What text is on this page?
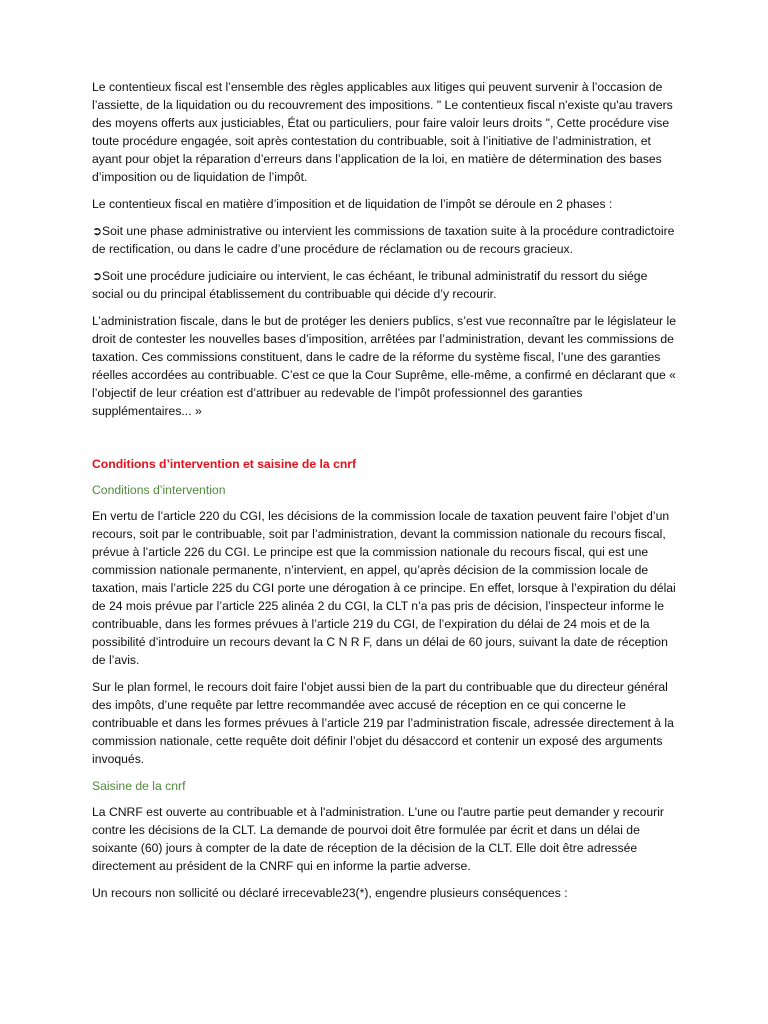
Le contentieux fiscal est l’ensemble des règles applicables aux litiges qui peuvent survenir à l’occasion de l’assiette, de la liquidation ou du recouvrement des impositions. " Le contentieux fiscal n'existe qu'au travers des moyens offerts aux justiciables, État ou particuliers, pour faire valoir leurs droits ", Cette procédure vise toute procédure engagée, soit après contestation du contribuable, soit à l’initiative de l’administration, et ayant pour objet la réparation d’erreurs dans l’application de la loi, en matière de détermination des bases d’imposition ou de liquidation de l’impôt.

Le contentieux fiscal en matière d’imposition et de liquidation de l’impôt se déroule en 2 phases :

➲Soit une phase administrative ou intervient les commissions de taxation suite à la procédure contradictoire de rectification, ou dans le cadre d’une procédure de réclamation ou de recours gracieux.

➲Soit une procédure judiciaire ou intervient, le cas échéant, le tribunal administratif du ressort du siége social ou du principal établissement du contribuable qui décide d’y recourir.

L’administration fiscale, dans le but de protéger les deniers publics, s’est vue reconnaître par le législateur le droit de contester les nouvelles bases d’imposition, arrêtées par l’administration, devant les commissions de taxation. Ces commissions constituent, dans le cadre de la réforme du système fiscal, l’une des garanties réelles accordées au contribuable. C’est ce que la Cour Suprême, elle-même, a confirmé en déclarant que « l’objectif de leur création est d’attribuer au redevable de l’impôt professionnel des garanties supplémentaires... »

Conditions d’intervention et saisine de la cnrf

Conditions d’intervention

En vertu de l’article 220 du CGI, les décisions de la commission locale de taxation peuvent faire l’objet d’un recours, soit par le contribuable, soit par l’administration, devant la commission nationale du recours fiscal, prévue à l’article 226 du CGI. Le principe est que la commission nationale du recours fiscal, qui est une commission nationale permanente, n’intervient, en appel, qu’après décision de la commission locale de taxation, mais l’article 225 du CGI porte une dérogation à ce principe. En effet, lorsque à l’expiration du délai de 24 mois prévue par l’article 225 alinéa 2 du CGI, la CLT n’a pas pris de décision, l’inspecteur informe le contribuable, dans les formes prévues à l’article 219 du CGI, de l’expiration du délai de 24 mois et de la possibilité d’introduire un recours devant la C N R F, dans un délai de 60 jours, suivant la date de réception de l’avis.

Sur le plan formel, le recours doit faire l’objet aussi bien de la part du contribuable que du directeur général des impôts, d’une requête par lettre recommandée avec accusé de réception en ce qui concerne le contribuable et dans les formes prévues à l’article 219 par l’administration fiscale, adressée directement à la commission nationale, cette requête doit définir l’objet du désaccord et contenir un exposé des arguments invoqués.

Saisine de la cnrf

La CNRF est ouverte au contribuable et à l'administration. L'une ou l'autre partie peut demander y recourir contre les décisions de la CLT. La demande de pourvoi doit être formulée par écrit et dans un délai de soixante (60) jours à compter de la date de réception de la décision de la CLT. Elle doit être adressée directement au président de la CNRF qui en informe la partie adverse.

Un recours non sollicité ou déclaré irrecevable23(*), engendre plusieurs conséquences :
